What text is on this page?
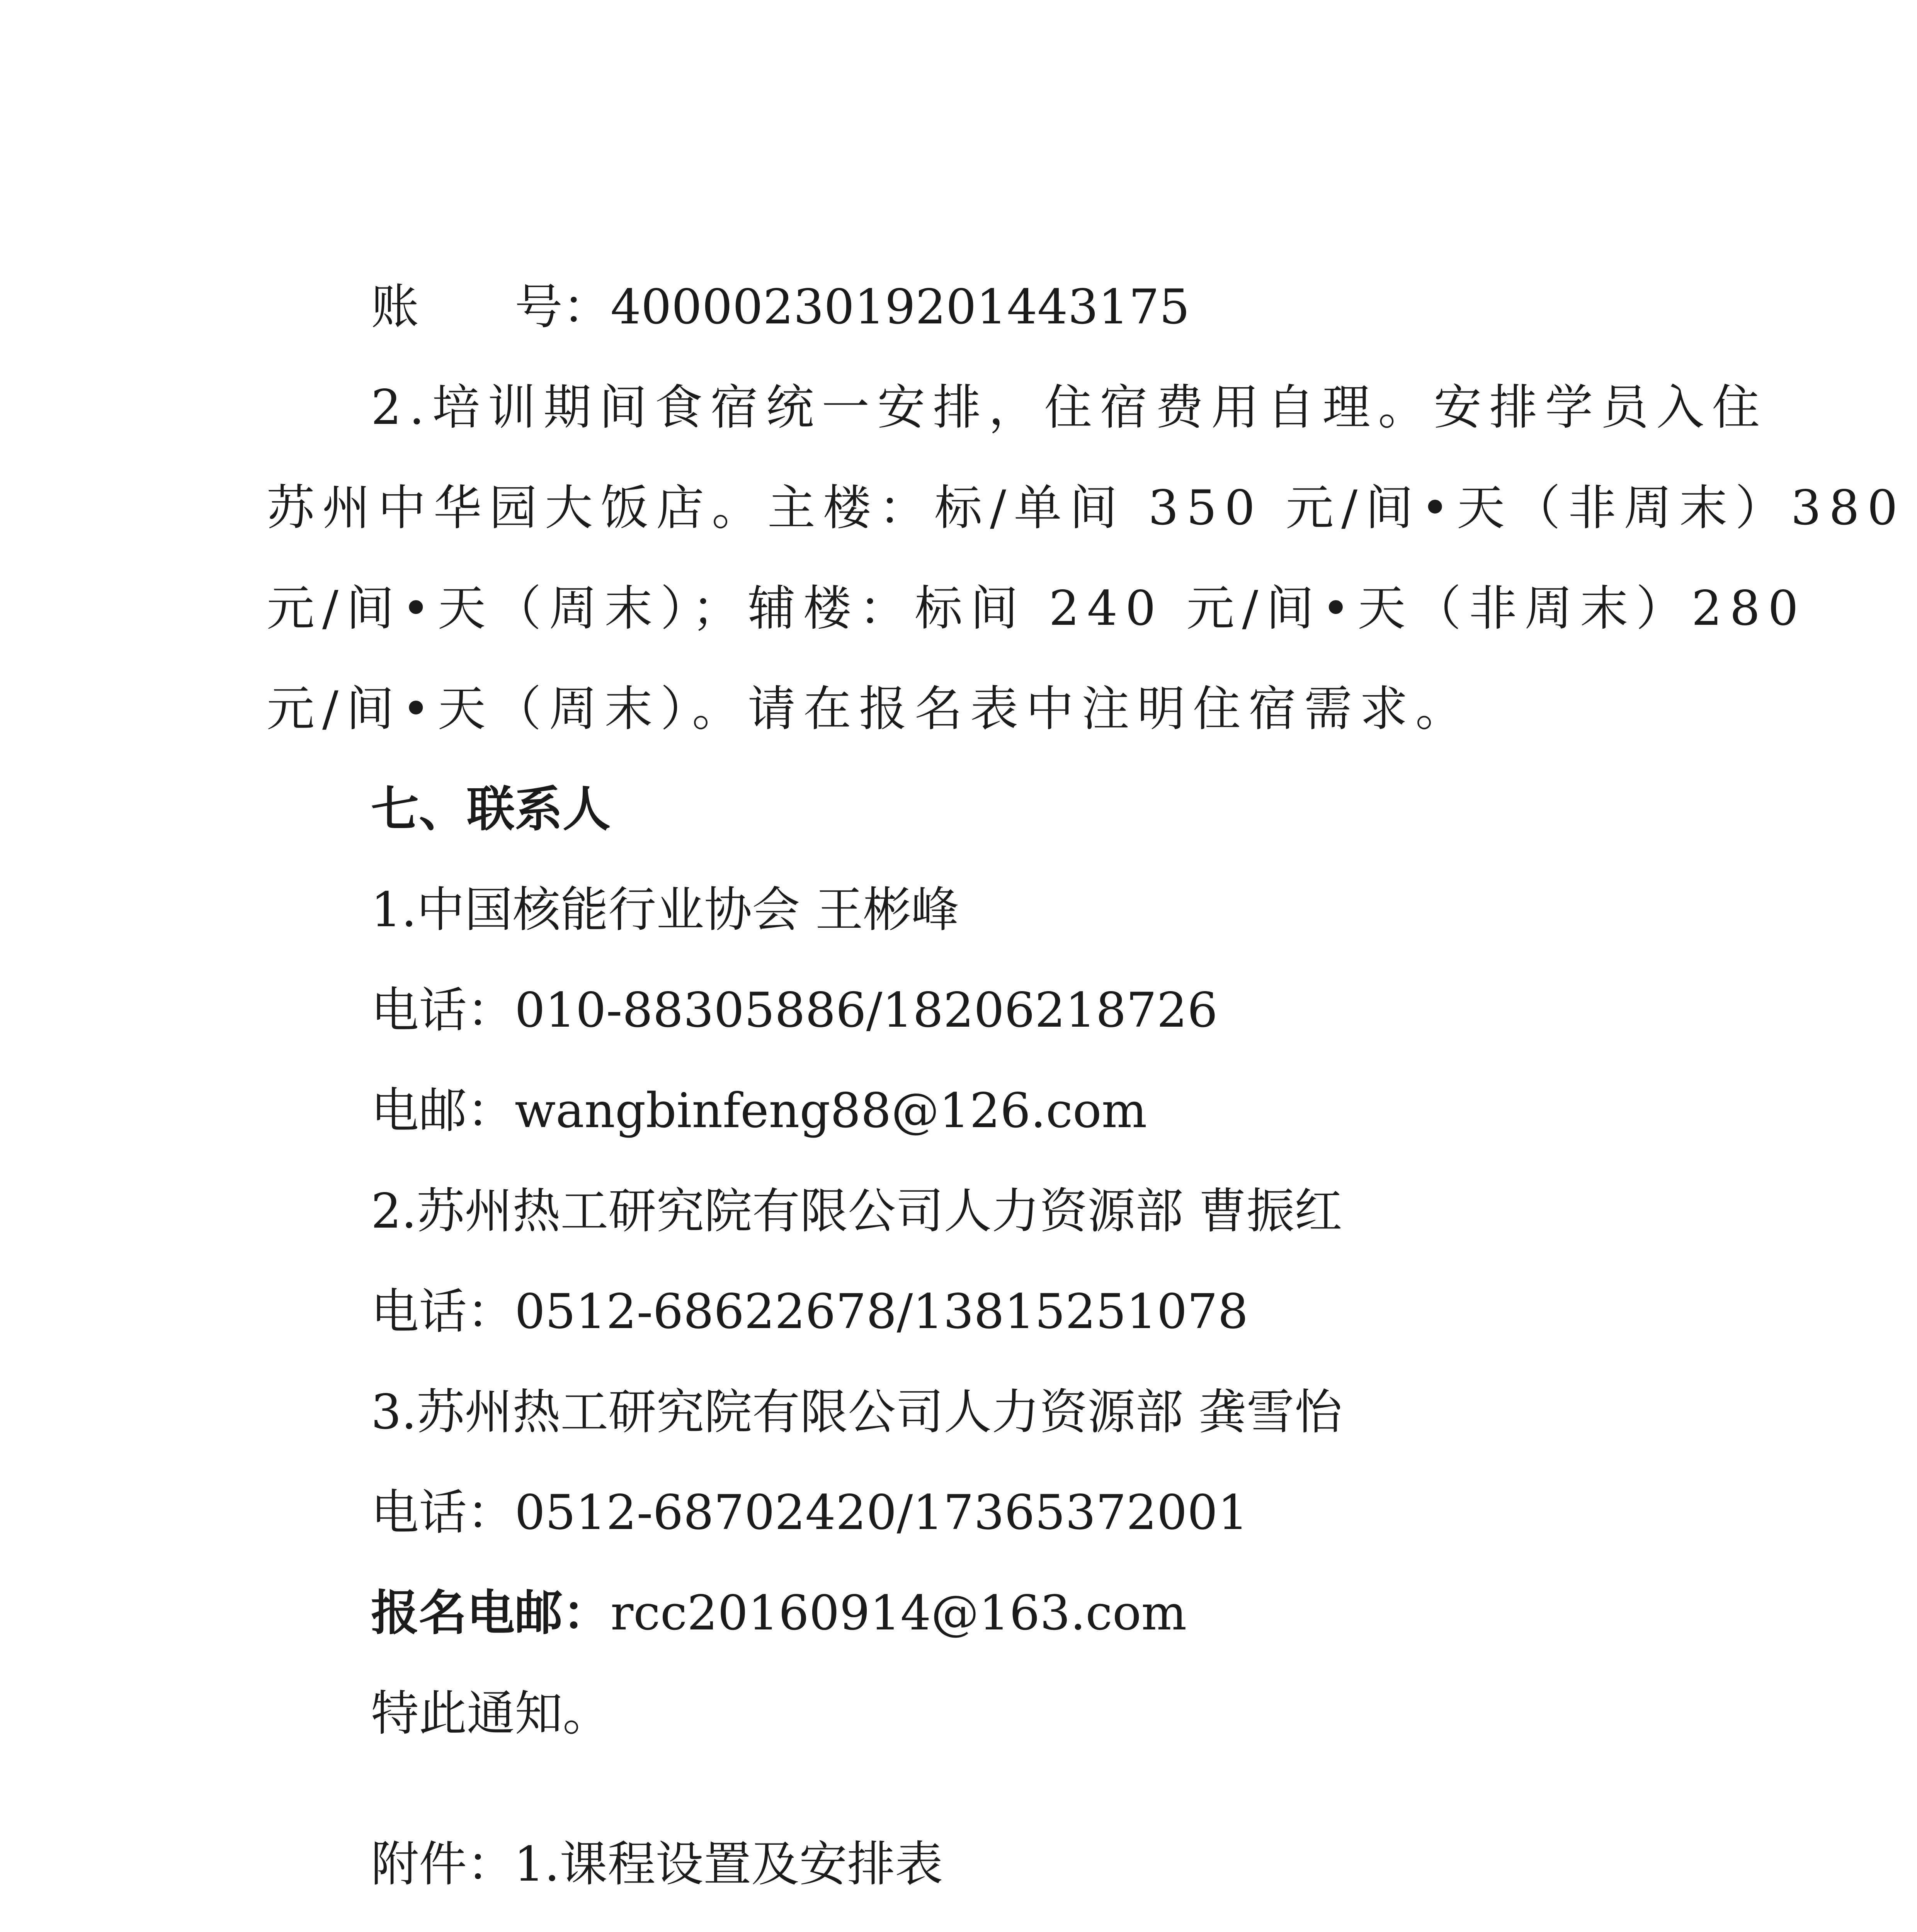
账　　号：4000023019201443175
2.培训期间食宿统一安排，住宿费用自理。安排学员入住
苏州中华园大饭店。主楼：标/单间 350 元/间•天（非周末）380
元/间•天（周末）；辅楼：标间 240 元/间•天（非周末）280
元/间•天（周末）。请在报名表中注明住宿需求。
七、联系人
1.中国核能行业协会 王彬峰
电话：010-88305886/18206218726
电邮：wangbinfeng88@126.com
2.苏州热工研究院有限公司人力资源部 曹振红
电话：0512-68622678/13815251078
3.苏州热工研究院有限公司人力资源部 龚雪怡
电话：0512-68702420/17365372001
报名电邮：rcc20160914@163.com
特此通知。
附件：
1.课程设置及安排表
